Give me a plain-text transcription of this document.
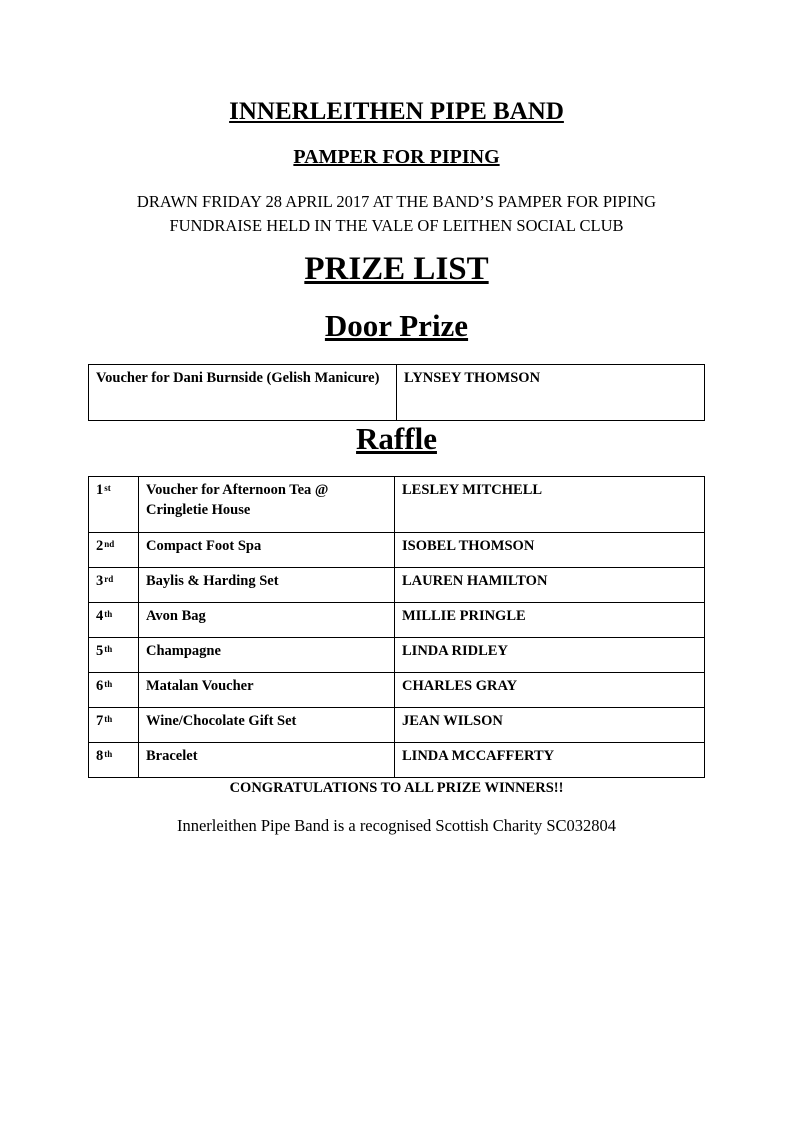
INNERLEITHEN PIPE BAND
PAMPER FOR PIPING
DRAWN FRIDAY 28 APRIL 2017 AT THE BAND’S PAMPER FOR PIPING
FUNDRAISE HELD IN THE VALE OF LEITHEN SOCIAL CLUB
PRIZE LIST
Door Prize
Voucher for Dani Burnside (Gelish Manicure)	LYNSEY THOMSON
Raffle
1st	Voucher for Afternoon Tea @ Cringletie House	LESLEY MITCHELL
2nd	Compact Foot Spa	ISOBEL THOMSON
3rd	Baylis & Harding Set	LAUREN HAMILTON
4th	Avon Bag	MILLIE PRINGLE
5th	Champagne	LINDA RIDLEY
6th	Matalan Voucher	CHARLES GRAY
7th	Wine/Chocolate Gift Set	JEAN WILSON
8th	Bracelet	LINDA MCCAFFERTY
CONGRATULATIONS TO ALL PRIZE WINNERS!!
Innerleithen Pipe Band is a recognised Scottish Charity SC032804
